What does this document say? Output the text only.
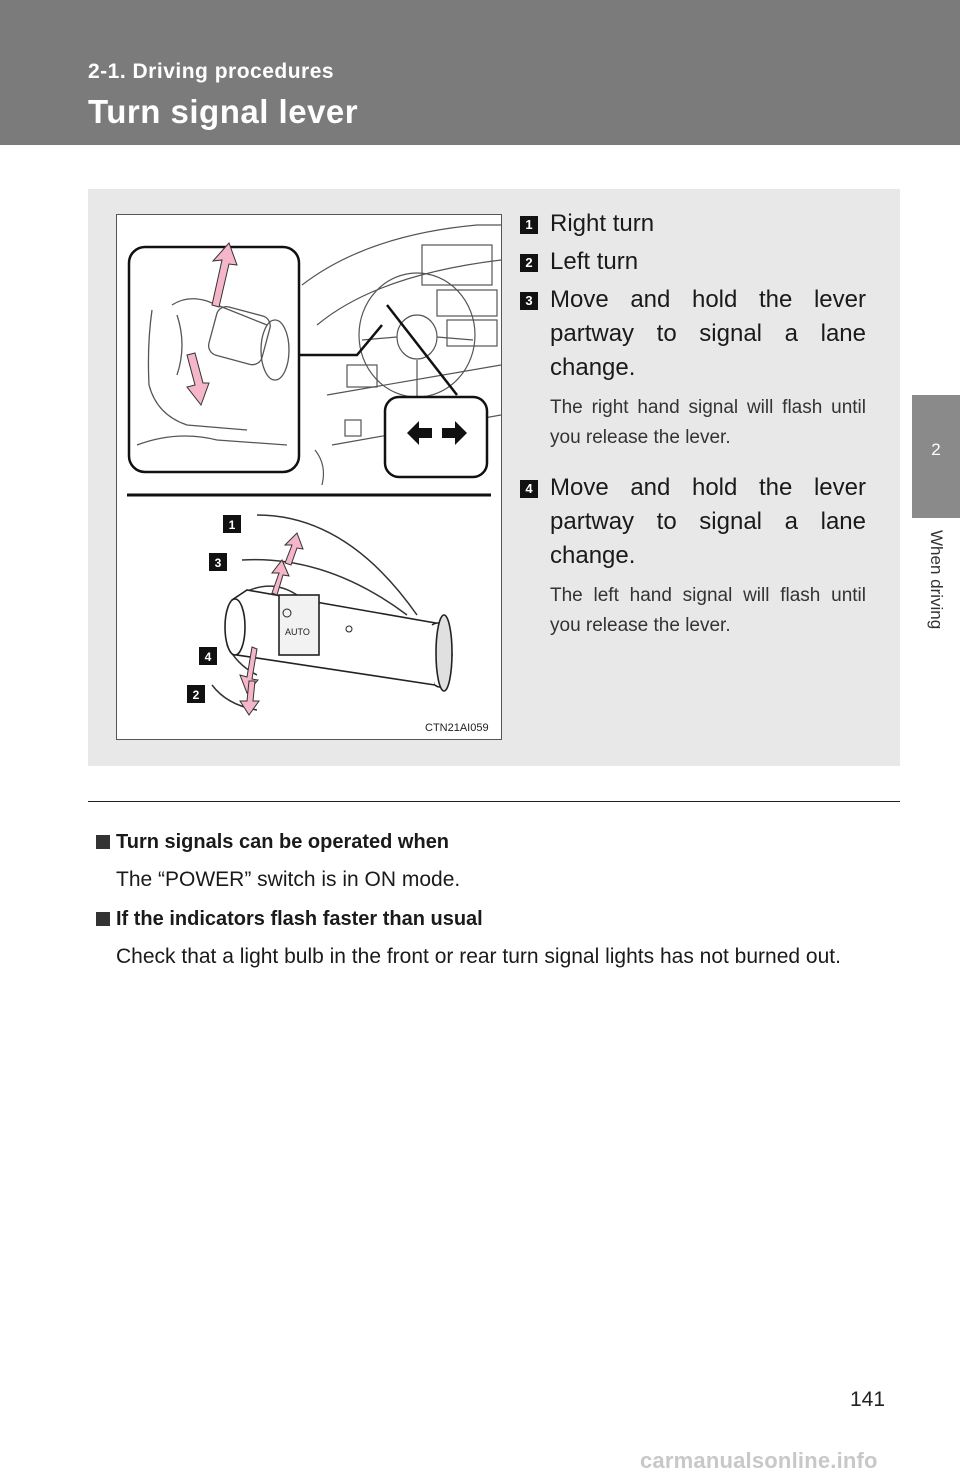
2-1. Driving procedures
Turn signal lever
2
When driving
AUTO
1
3
4
2
CTN21AI059
1 Right turn
2 Left turn
3 Move and hold the lever partway to signal a lane change.
The right hand signal will flash until you release the lever.
4 Move and hold the lever partway to signal a lane change.
The left hand signal will flash until you release the lever.
Turn signals can be operated when
The “POWER” switch is in ON mode.
If the indicators flash faster than usual
Check that a light bulb in the front or rear turn signal lights has not burned out.
141
carmanualsonline.info
